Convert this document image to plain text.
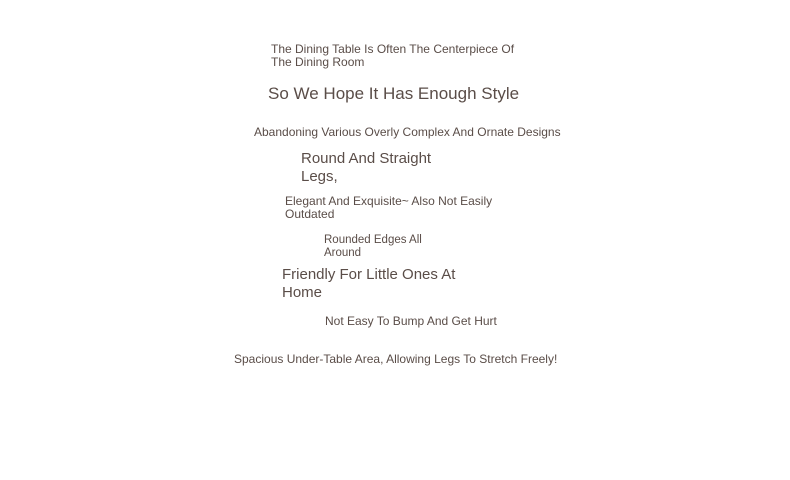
The Dining Table Is Often The Centerpiece Of
The Dining Room
So We Hope It Has Enough Style
Abandoning Various Overly Complex And Ornate Designs
Round And Straight
Legs,
Elegant And Exquisite~ Also Not Easily
Outdated
Rounded Edges All
Around
Friendly For Little Ones At
Home
Not Easy To Bump And Get Hurt
Spacious Under-Table Area, Allowing Legs To Stretch Freely!
